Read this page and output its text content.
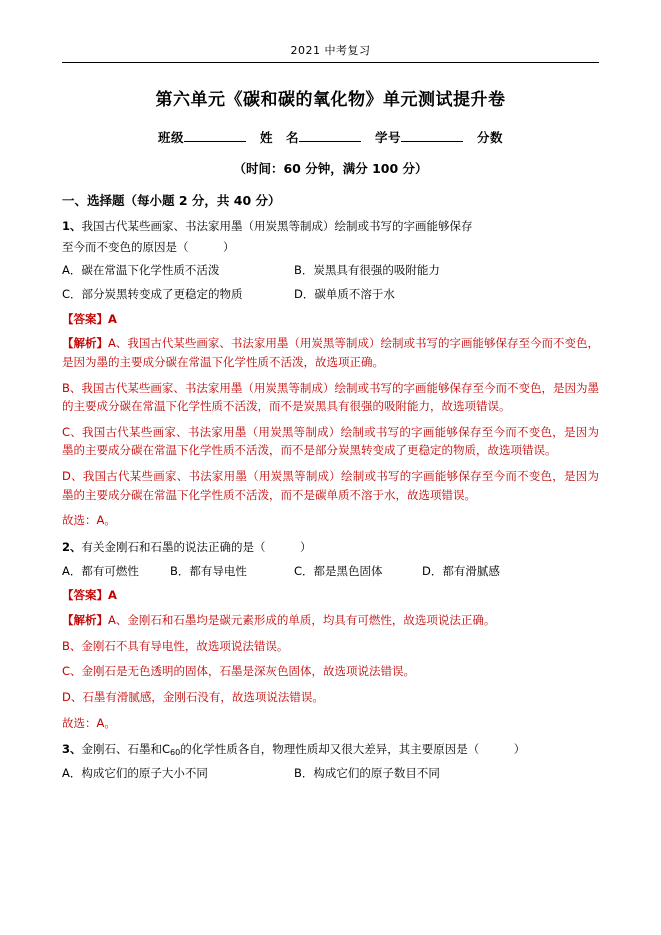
2021 中考复习
第六单元《碳和碳的氧化物》单元测试提升卷
班级	姓　名	学号	分数
（时间：60 分钟，满分 100 分）
一、选择题（每小题 2 分，共 40 分）
1、我国古代某些画家、书法家用墨（用炭黑等制成）绘制或书写的字画能够保存
至今而不变色的原因是（　　　）
A．碳在常温下化学性质不活泼	B．炭黑具有很强的吸附能力
C．部分炭黑转变成了更稳定的物质	D．碳单质不溶于水
【答案】A

【解析】A、我国古代某些画家、书法家用墨（用炭黑等制成）绘制或书写的字画能够保存至今而不变色，是因为墨的主要成分碳在常温下化学性质不活泼，故选项正确。

B、我国古代某些画家、书法家用墨（用炭黑等制成）绘制或书写的字画能够保存至今而不变色，是因为墨的主要成分碳在常温下化学性质不活泼，而不是炭黑具有很强的吸附能力，故选项错误。

C、我国古代某些画家、书法家用墨（用炭黑等制成）绘制或书写的字画能够保存至今而不变色，是因为墨的主要成分碳在常温下化学性质不活泼，而不是部分炭黑转变成了更稳定的物质，故选项错误。

D、我国古代某些画家、书法家用墨（用炭黑等制成）绘制或书写的字画能够保存至今而不变色，是因为墨的主要成分碳在常温下化学性质不活泼，而不是碳单质不溶于水，故选项错误。

故选：A。

2、有关金刚石和石墨的说法正确的是（　　　）
A．都有可燃性	B．都有导电性	C．都是黑色固体	D．都有滑腻感
【答案】A

【解析】A、金刚石和石墨均是碳元素形成的单质，均具有可燃性，故选项说法正确。

B、金刚石不具有导电性，故选项说法错误。

C、金刚石是无色透明的固体，石墨是深灰色固体，故选项说法错误。

D、石墨有滑腻感，金刚石没有，故选项说法错误。

故选：A。

3、金刚石、石墨和$C_{60}$的化学性质各自，物理性质却又很大差异，其主要原因是（　　　）
A．构成它们的原子大小不同	B．构成它们的原子数目不同
